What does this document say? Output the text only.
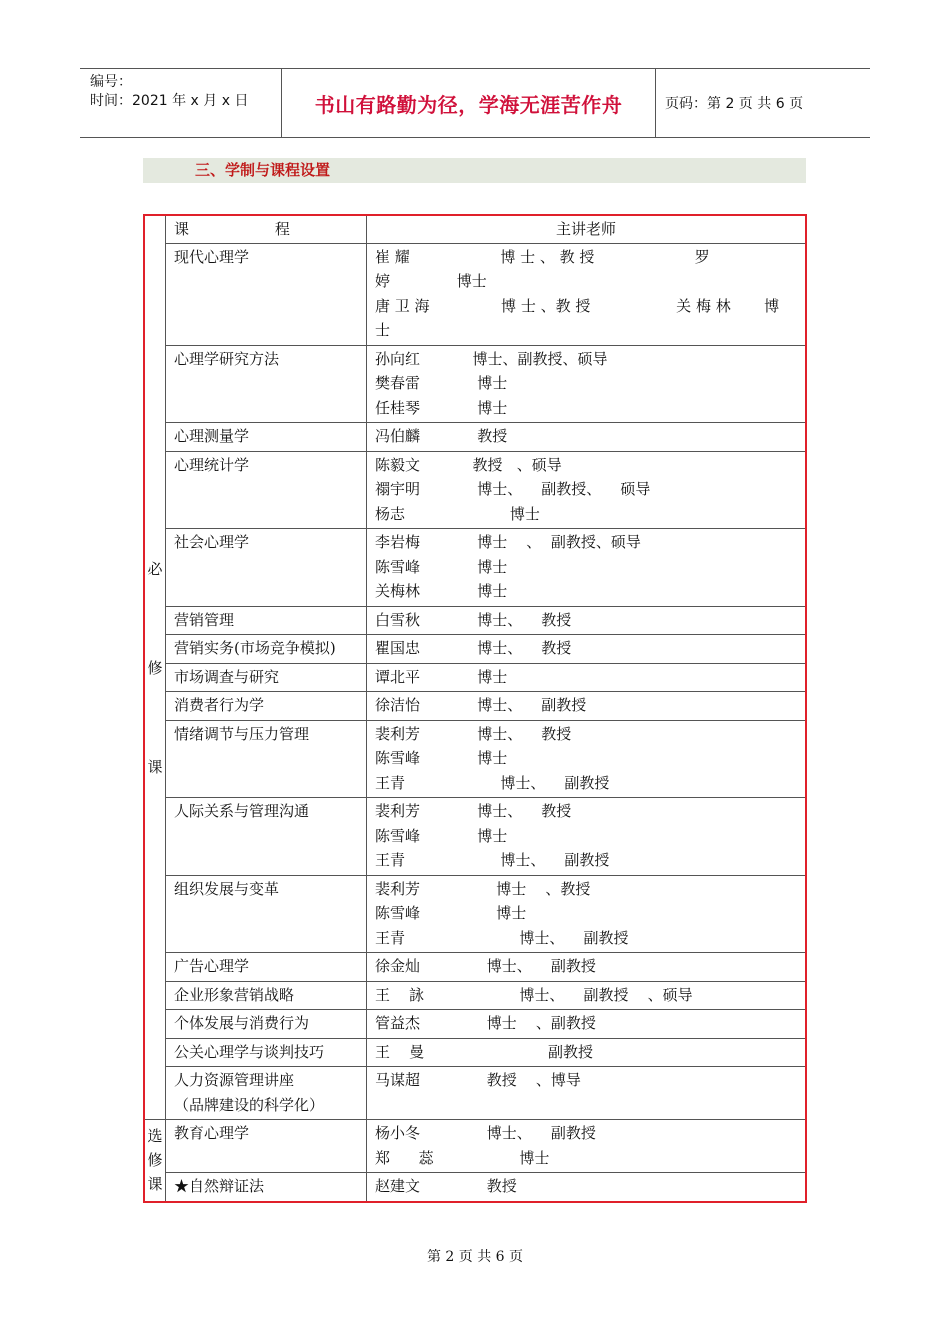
编号：
时间：2021 年 x 月 x 日	书山有路勤为径，学海无涯苦作舟	页码：第 2 页 共 6 页
三、学制与课程设置
必
修
课	课                  程	主讲老师

	现代心理学	崔 耀                   博 士 、 教 授                     罗
婷              博士
唐 卫 海               博 士 、教 授                  关 梅 林       博
士

	心理学研究方法	孙向红           博士、副教授、硕导
樊春雷            博士
任桂琴            博士

	心理测量学	冯伯麟            教授

	心理统计学	陈毅文           教授   、硕导
禤宇明            博士、    副教授、    硕导
杨志                      博士

	社会心理学	李岩梅            博士    、  副教授、硕导
陈雪峰            博士
关梅林            博士

	营销管理	白雪秋            博士、    教授

	营销实务(市场竞争模拟)	瞿国忠            博士、    教授

	市场调查与研究	谭北平            博士

	消费者行为学	徐洁怡            博士、    副教授

	情绪调节与压力管理	裴利芳            博士、    教授
陈雪峰            博士
王青                    博士、    副教授

	人际关系与管理沟通	裴利芳            博士、    教授
陈雪峰            博士
王青                    博士、    副教授

	组织发展与变革	裴利芳                博士    、教授
陈雪峰                博士
王青                        博士、    副教授

	广告心理学	徐金灿              博士、    副教授

	企业形象营销战略	王    詠                    博士、    副教授    、硕导

	个体发展与消费行为	管益杰              博士    、副教授

	公关心理学与谈判技巧	王    曼                          副教授

	人力资源管理讲座
（品牌建设的科学化）	马谋超              教授    、博导

选
修
课	教育心理学	杨小冬              博士、    副教授
郑      蕊                  博士

	★自然辩证法	赵建文              教授
第 2 页 共 6 页
